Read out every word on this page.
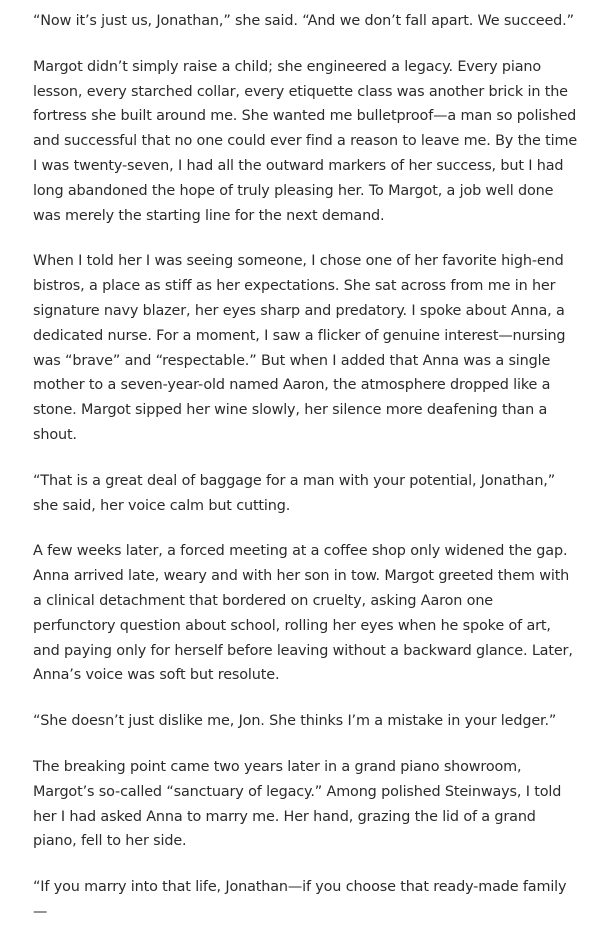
“Now it’s just us, Jonathan,” she said. “And we don’t fall apart. We succeed.”

Margot didn’t simply raise a child; she engineered a legacy. Every piano lesson, every starched collar, every etiquette class was another brick in the fortress she built around me. She wanted me bulletproof—a man so polished and successful that no one could ever find a reason to leave me. By the time I was twenty-seven, I had all the outward markers of her success, but I had long abandoned the hope of truly pleasing her. To Margot, a job well done was merely the starting line for the next demand.

When I told her I was seeing someone, I chose one of her favorite high-end bistros, a place as stiff as her expectations. She sat across from me in her signature navy blazer, her eyes sharp and predatory. I spoke about Anna, a dedicated nurse. For a moment, I saw a flicker of genuine interest—nursing was “brave” and “respectable.” But when I added that Anna was a single mother to a seven-year-old named Aaron, the atmosphere dropped like a stone. Margot sipped her wine slowly, her silence more deafening than a shout.

“That is a great deal of baggage for a man with your potential, Jonathan,” she said, her voice calm but cutting.

A few weeks later, a forced meeting at a coffee shop only widened the gap. Anna arrived late, weary and with her son in tow. Margot greeted them with a clinical detachment that bordered on cruelty, asking Aaron one perfunctory question about school, rolling her eyes when he spoke of art, and paying only for herself before leaving without a backward glance. Later, Anna’s voice was soft but resolute.

“She doesn’t just dislike me, Jon. She thinks I’m a mistake in your ledger.”

The breaking point came two years later in a grand piano showroom, Margot’s so-called “sanctuary of legacy.” Among polished Steinways, I told her I had asked Anna to marry me. Her hand, grazing the lid of a grand piano, fell to her side.

“If you marry into that life, Jonathan—if you choose that ready-made family—
